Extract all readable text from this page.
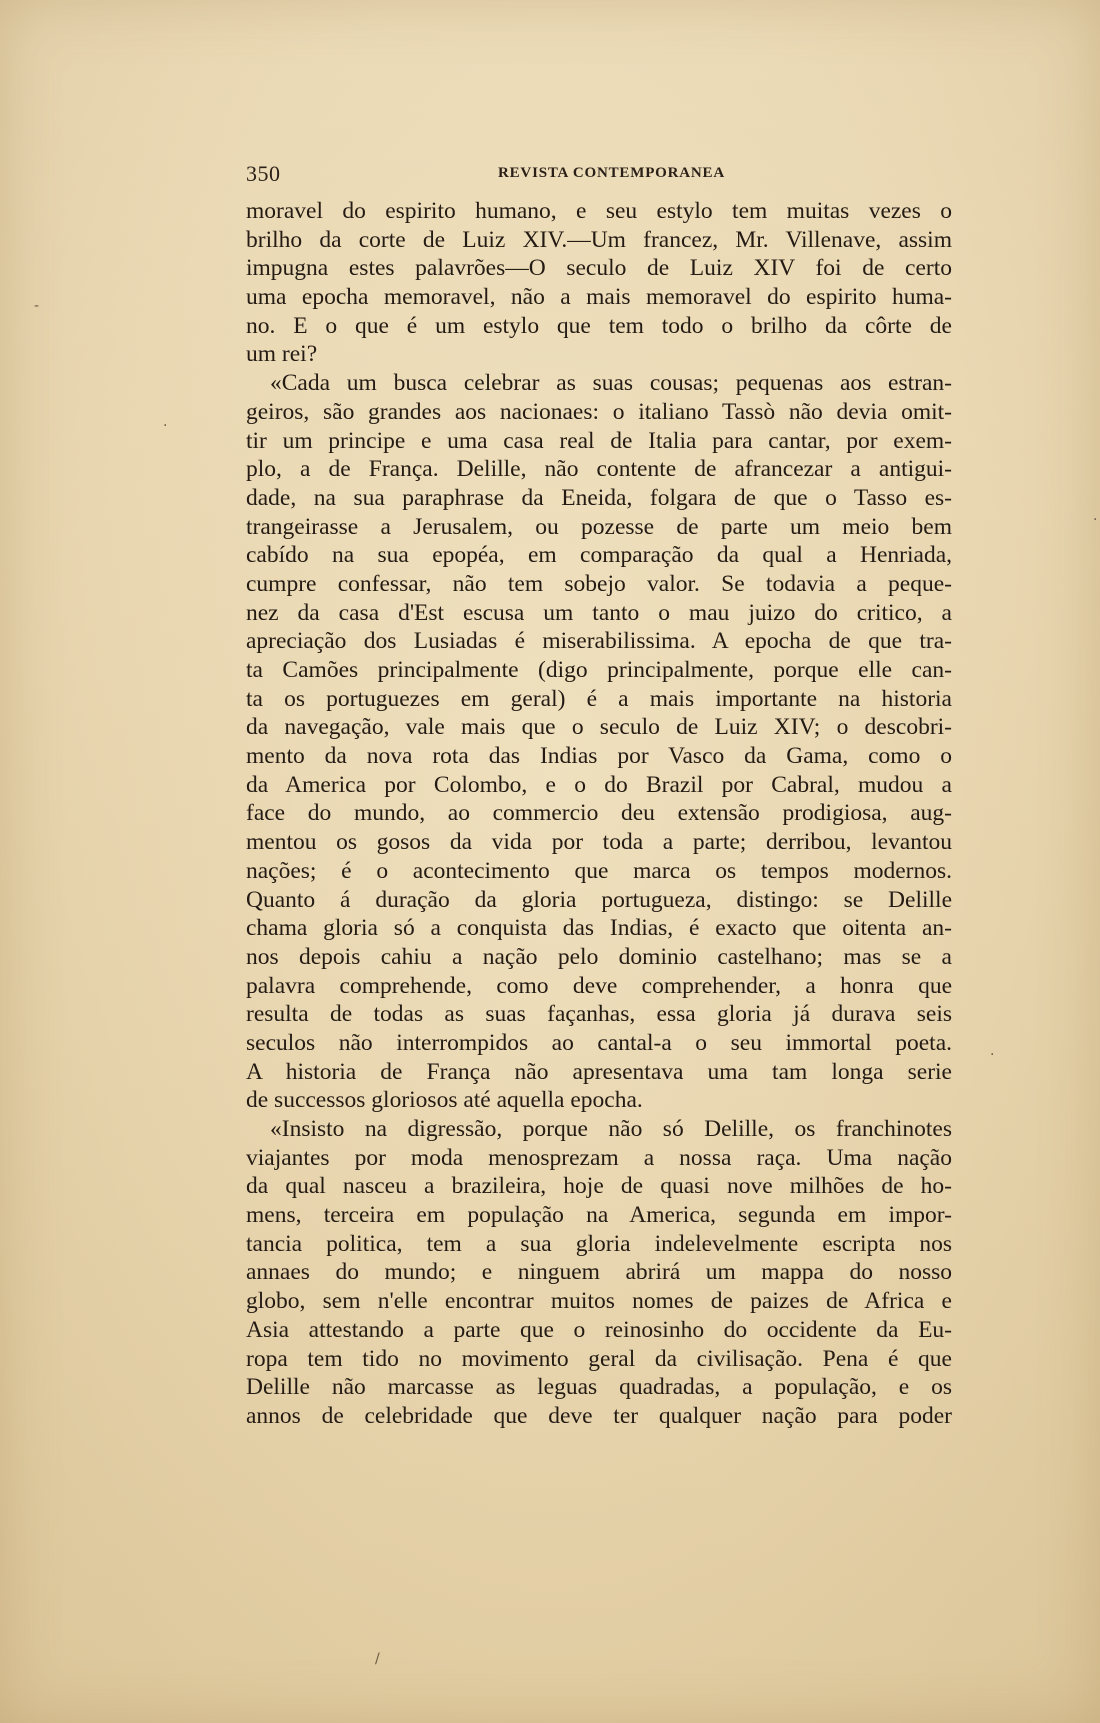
350	REVISTA CONTEMPORANEA
moravel do espirito humano, e seu estylo tem muitas vezes o
brilho da corte de Luiz XIV.—Um francez, Mr. Villenave, assim
impugna estes palavrões—O seculo de Luiz XIV foi de certo
uma epocha memoravel, não a mais memoravel do espirito huma-
no. E o que é um estylo que tem todo o brilho da côrte de
um rei?
«Cada um busca celebrar as suas cousas; pequenas aos estran-
geiros, são grandes aos nacionaes: o italiano Tassò não devia omit-
tir um principe e uma casa real de Italia para cantar, por exem-
plo, a de França. Delille, não contente de afrancezar a antigui-
dade, na sua paraphrase da Eneida, folgara de que o Tasso es-
trangeirasse a Jerusalem, ou pozesse de parte um meio bem
cabído na sua epopéa, em comparação da qual a Henriada,
cumpre confessar, não tem sobejo valor. Se todavia a peque-
nez da casa d'Est escusa um tanto o mau juizo do critico, a
apreciação dos Lusiadas é miserabilissima. A epocha de que tra-
ta Camões principalmente (digo principalmente, porque elle can-
ta os portuguezes em geral) é a mais importante na historia
da navegação, vale mais que o seculo de Luiz XIV; o descobri-
mento da nova rota das Indias por Vasco da Gama, como o
da America por Colombo, e o do Brazil por Cabral, mudou a
face do mundo, ao commercio deu extensão prodigiosa, aug-
mentou os gosos da vida por toda a parte; derribou, levantou
nações; é o acontecimento que marca os tempos modernos.
Quanto á duração da gloria portugueza, distingo: se Delille
chama gloria só a conquista das Indias, é exacto que oitenta an-
nos depois cahiu a nação pelo dominio castelhano; mas se a
palavra comprehende, como deve comprehender, a honra que
resulta de todas as suas façanhas, essa gloria já durava seis
seculos não interrompidos ao cantal-a o seu immortal poeta.
A historia de França não apresentava uma tam longa serie
de successos gloriosos até aquella epocha.
«Insisto na digressão, porque não só Delille, os franchinotes
viajantes por moda menosprezam a nossa raça. Uma nação
da qual nasceu a brazileira, hoje de quasi nove milhões de ho-
mens, terceira em população na America, segunda em impor-
tancia politica, tem a sua gloria indelevelmente escripta nos
annaes do mundo; e ninguem abrirá um mappa do nosso
globo, sem n'elle encontrar muitos nomes de paizes de Africa e
Asia attestando a parte que o reinosinho do occidente da Eu-
ropa tem tido no movimento geral da civilisação. Pena é que
Delille não marcasse as leguas quadradas, a população, e os
annos de celebridade que deve ter qualquer nação para poder
·
-
·
·
/
